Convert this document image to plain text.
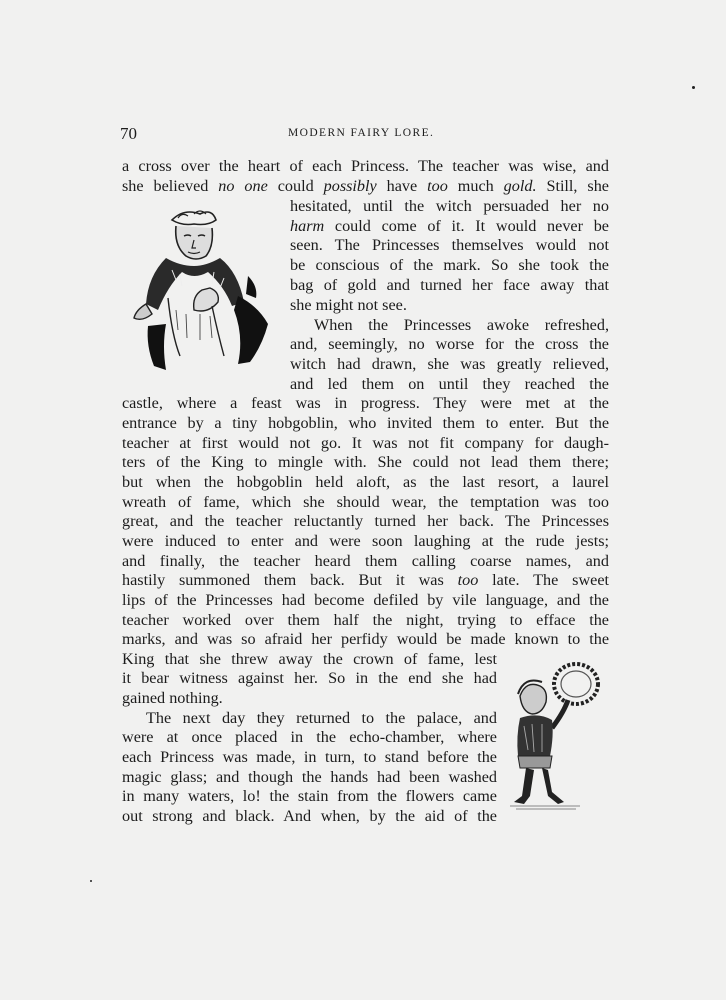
70	MODERN FAIRY LORE.
a cross over the heart of each Princess. The teacher was wise, and
she believed no one could possibly have too much gold. Still, she
hesitated, until the witch persuaded her no
harm could come of it. It would never be
seen. The Princesses themselves would not
be conscious of the mark. So she took the
bag of gold and turned her face away that
she might not see.
When the Princesses awoke refreshed,
and, seemingly, no worse for the cross the
witch had drawn, she was greatly relieved,
and led them on until they reached the
castle, where a feast was in progress. They were met at the
entrance by a tiny hobgoblin, who invited them to enter. But the
teacher at first would not go. It was not fit company for daugh-
ters of the King to mingle with. She could not lead them there;
but when the hobgoblin held aloft, as the last resort, a laurel
wreath of fame, which she should wear, the temptation was too
great, and the teacher reluctantly turned her back. The Princesses
were induced to enter and were soon laughing at the rude jests;
and finally, the teacher heard them calling coarse names, and
hastily summoned them back. But it was too late. The sweet
lips of the Princesses had become defiled by vile language, and the
teacher worked over them half the night, trying to efface the
marks, and was so afraid her perfidy would be made known to the
King that she threw away the crown of fame, lest
it bear witness against her. So in the end she had
gained nothing.
The next day they returned to the palace, and
were at once placed in the echo-chamber, where
each Princess was made, in turn, to stand before the
magic glass; and though the hands had been washed
in many waters, lo! the stain from the flowers came
out strong and black. And when, by the aid of the
